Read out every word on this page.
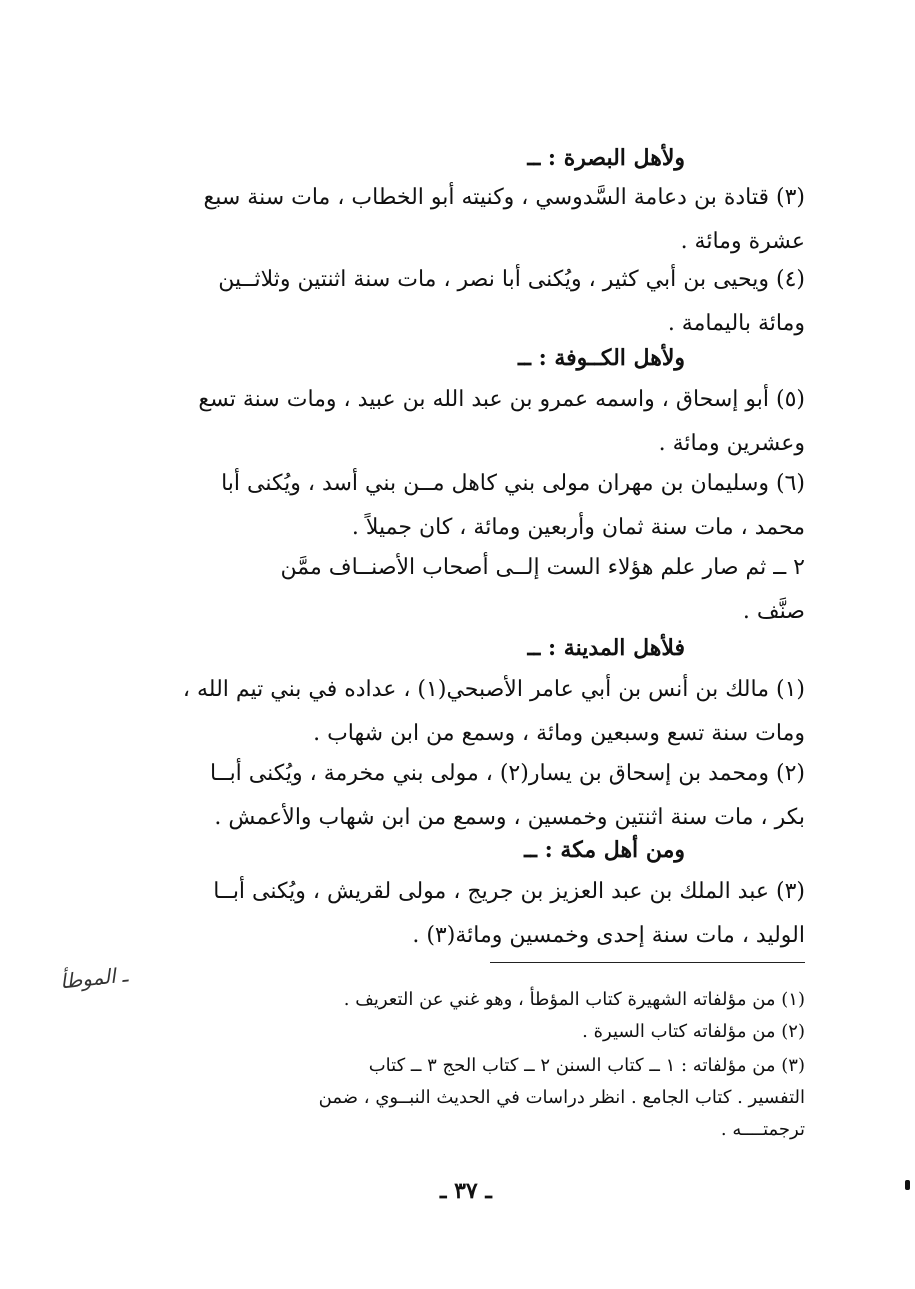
ولأهل البصرة : ــ
(٣) قتادة بن دعامة السَّدوسي ، وكنيته أبو الخطاب ، مات سنة سبع
عشرة ومائة .
(٤) ويحيى بن أبي كثير ، ويُكنى أبا نصر ، مات سنة اثنتين وثلاثــين
ومائة باليمامة .
ولأهل الكــوفة : ــ
(٥) أبو إسحاق ، واسمه عمرو بن عبد الله بن عبيد ، ومات سنة تسع
وعشرين ومائة .
(٦) وسليمان بن مهران مولى بني كاهل مــن بني أسد ، ويُكنى أبا
محمد ، مات سنة ثمان وأربعين ومائة ، كان جميلاً .
٢ ــ ثم صار علم هؤلاء الست إلــى أصحاب الأصنــاف ممَّن
صنَّف .
فلأهل المدينة : ــ
(١) مالك بن أنس بن أبي عامر الأصبحي(١) ، عداده في بني تيم الله ،
ومات سنة تسع وسبعين ومائة ، وسمع من ابن شهاب .
(٢) ومحمد بن إسحاق بن يسار(٢) ، مولى بني مخرمة ، ويُكنى أبــا
بكر ، مات سنة اثنتين وخمسين ، وسمع من ابن شهاب والأعمش .
ومن أهل مكة : ــ
(٣) عبد الملك بن عبد العزيز بن جريج ، مولى لقريش ، ويُكنى أبــا
الوليد ، مات سنة إحدى وخمسين ومائة(٣) .
ـ الموطأ
(١) من مؤلفاته الشهيرة كتاب المؤطأ ، وهو غني عن التعريف .
(٢) من مؤلفاته كتاب السيرة .
(٣) من مؤلفاته : ١ ــ كتاب السنن ٢ ــ كتاب الحج ٣ ــ كتاب
التفسير . كتاب الجامع . انظر دراسات في الحديث النبــوي ، ضمن
ترجمتــــه .
ـ ٣٧ ـ
